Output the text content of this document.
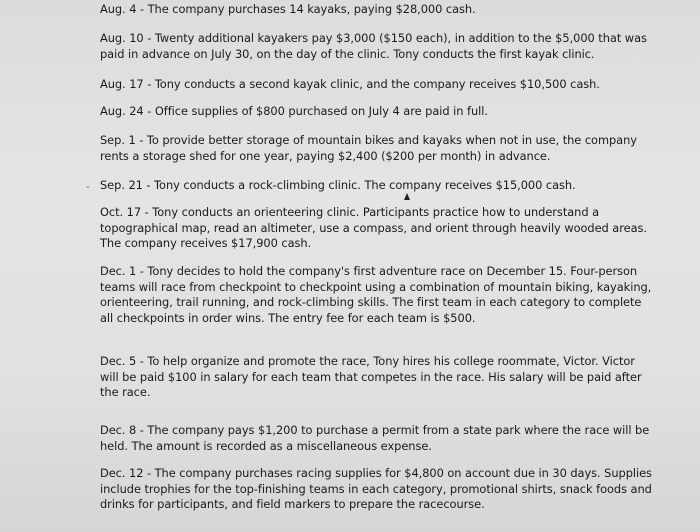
Aug. 4 - The company purchases 14 kayaks, paying $28,000 cash.

Aug. 10 - Twenty additional kayakers pay $3,000 ($150 each), in addition to the $5,000 that was paid in advance on July 30, on the day of the clinic. Tony conducts the first kayak clinic.

Aug. 17 - Tony conducts a second kayak clinic, and the company receives $10,500 cash.

Aug. 24 - Office supplies of $800 purchased on July 4 are paid in full.

Sep. 1 - To provide better storage of mountain bikes and kayaks when not in use, the company rents a storage shed for one year, paying $2,400 ($200 per month) in advance.

- Sep. 21 - Tony conducts a rock-climbing clinic. The company receives $15,000 cash.

Oct. 17 - Tony conducts an orienteering clinic. Participants practice how to understand a topographical map, read an altimeter, use a compass, and orient through heavily wooded areas. The company receives $17,900 cash.

Dec. 1 - Tony decides to hold the company's first adventure race on December 15. Four-person teams will race from checkpoint to checkpoint using a combination of mountain biking, kayaking, orienteering, trail running, and rock-climbing skills. The first team in each category to complete all checkpoints in order wins. The entry fee for each team is $500.

Dec. 5 - To help organize and promote the race, Tony hires his college roommate, Victor. Victor will be paid $100 in salary for each team that competes in the race. His salary will be paid after the race.

Dec. 8 - The company pays $1,200 to purchase a permit from a state park where the race will be held. The amount is recorded as a miscellaneous expense.

Dec. 12 - The company purchases racing supplies for $4,800 on account due in 30 days. Supplies include trophies for the top-finishing teams in each category, promotional shirts, snack foods and drinks for participants, and field markers to prepare the racecourse.
